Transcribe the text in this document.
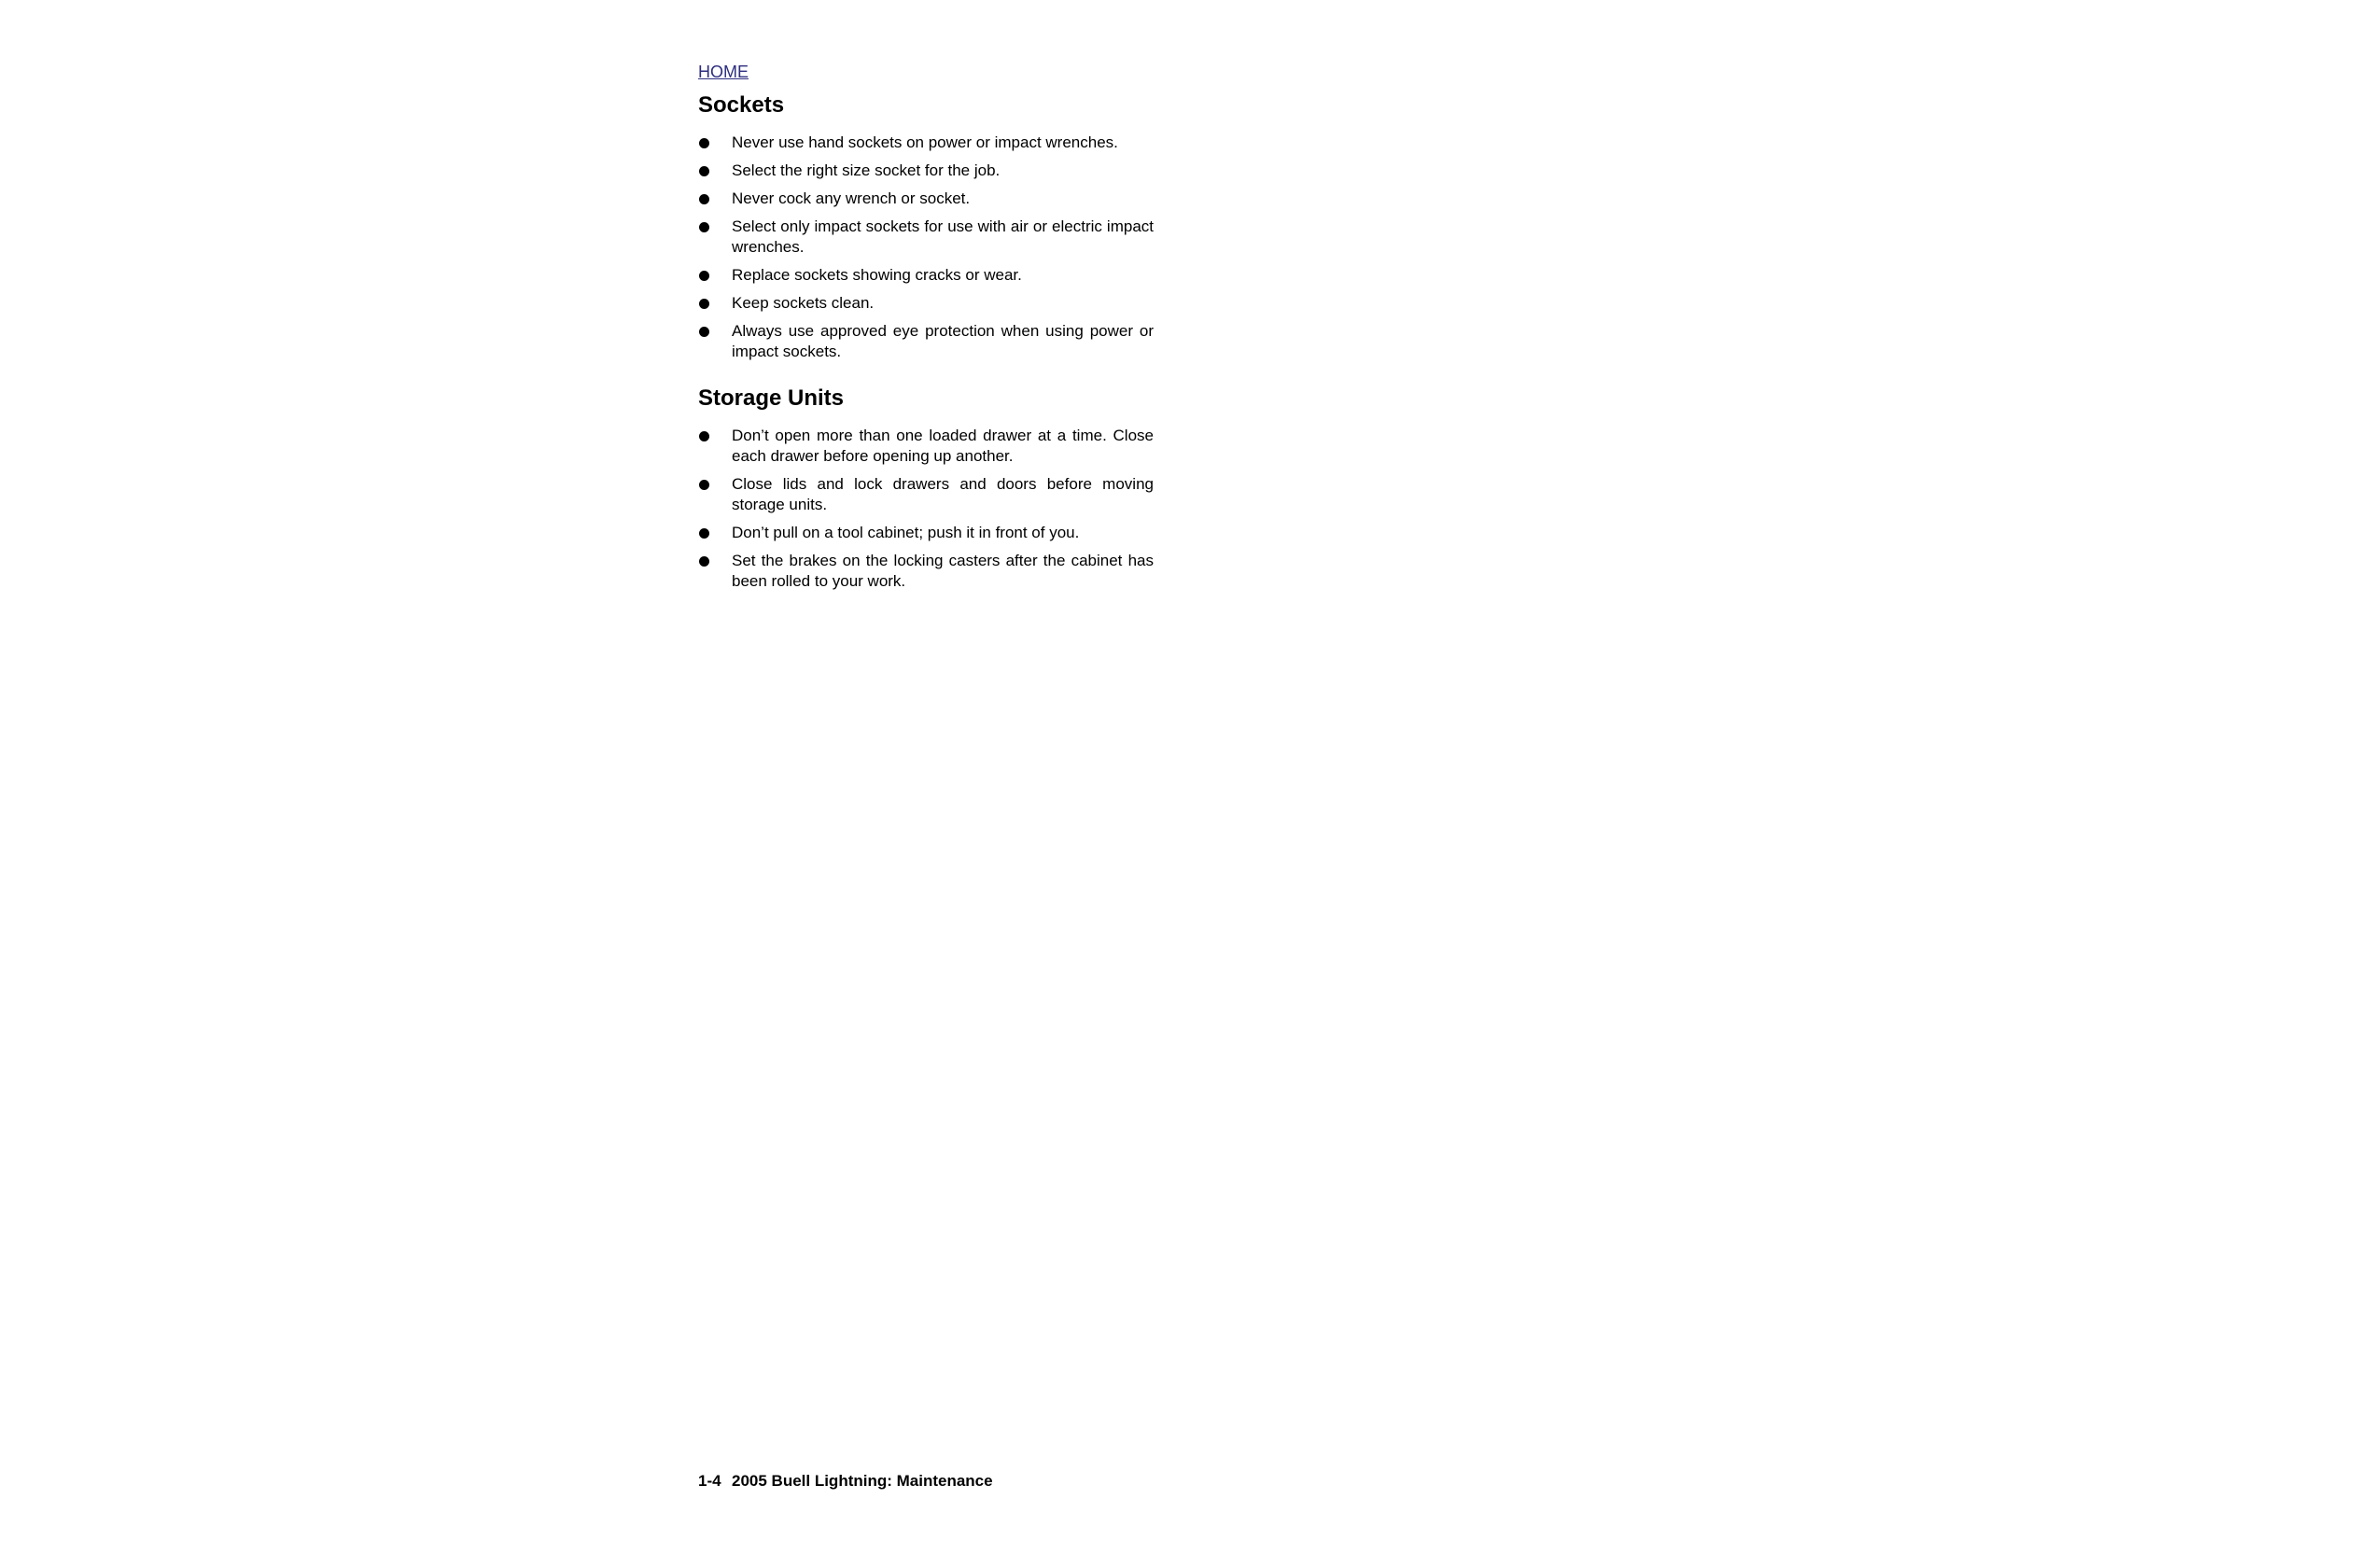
HOME
Sockets
Never use hand sockets on power or impact wrenches.
Select the right size socket for the job.
Never cock any wrench or socket.
Select only impact sockets for use with air or electric impact wrenches.
Replace sockets showing cracks or wear.
Keep sockets clean.
Always use approved eye protection when using power or impact sockets.
Storage Units
Don’t open more than one loaded drawer at a time. Close each drawer before opening up another.
Close lids and lock drawers and doors before moving storage units.
Don’t pull on a tool cabinet; push it in front of you.
Set the brakes on the locking casters after the cabinet has been rolled to your work.
1-4 2005 Buell Lightning: Maintenance
